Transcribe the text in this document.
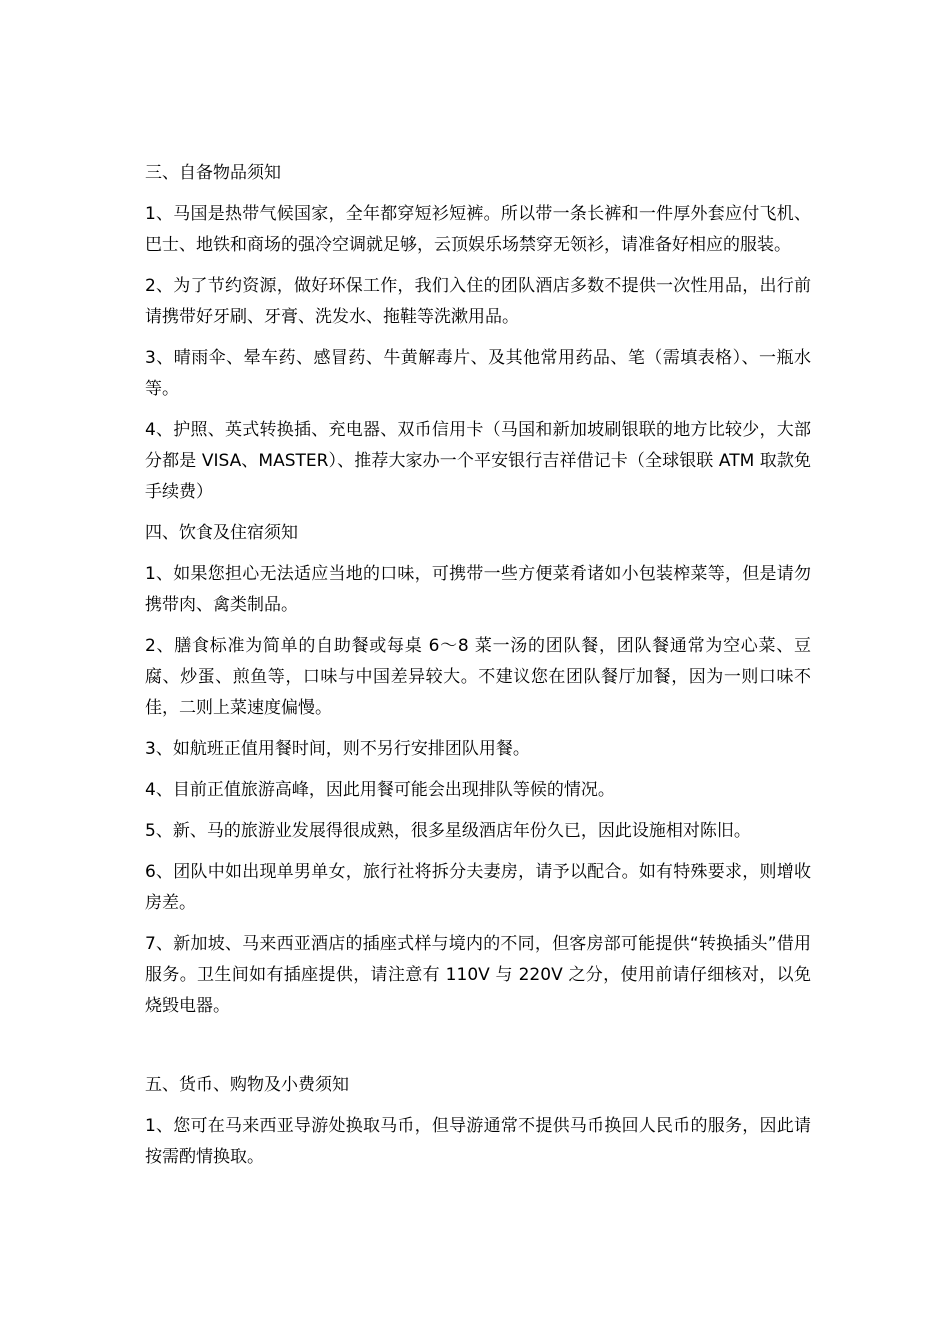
三、自备物品须知

1、马国是热带气候国家，全年都穿短衫短裤。所以带一条长裤和一件厚外套应付飞机、巴士、地铁和商场的强冷空调就足够，云顶娱乐场禁穿无领衫，请准备好相应的服装。

2、为了节约资源，做好环保工作，我们入住的团队酒店多数不提供一次性用品，出行前请携带好牙刷、牙膏、洗发水、拖鞋等洗漱用品。

3、晴雨伞、晕车药、感冒药、牛黄解毒片、及其他常用药品、笔（需填表格）、一瓶水等。

4、护照、英式转换插、充电器、双币信用卡（马国和新加坡刷银联的地方比较少，大部分都是 VISA、MASTER）、推荐大家办一个平安银行吉祥借记卡（全球银联 ATM 取款免手续费）

四、饮食及住宿须知

1、如果您担心无法适应当地的口味，可携带一些方便菜肴诸如小包装榨菜等，但是请勿携带肉、禽类制品。

2、膳食标准为简单的自助餐或每桌 6～8 菜一汤的团队餐，团队餐通常为空心菜、豆腐、炒蛋、煎鱼等，口味与中国差异较大。不建议您在团队餐厅加餐，因为一则口味不佳，二则上菜速度偏慢。

3、如航班正值用餐时间，则不另行安排团队用餐。

4、目前正值旅游高峰，因此用餐可能会出现排队等候的情况。

5、新、马的旅游业发展得很成熟，很多星级酒店年份久已，因此设施相对陈旧。

6、团队中如出现单男单女，旅行社将拆分夫妻房，请予以配合。如有特殊要求，则增收房差。

7、新加坡、马来西亚酒店的插座式样与境内的不同，但客房部可能提供“转换插头”借用服务。卫生间如有插座提供，请注意有 110V 与 220V 之分，使用前请仔细核对，以免烧毁电器。

五、货币、购物及小费须知

1、您可在马来西亚导游处换取马币，但导游通常不提供马币换回人民币的服务，因此请按需酌情换取。
